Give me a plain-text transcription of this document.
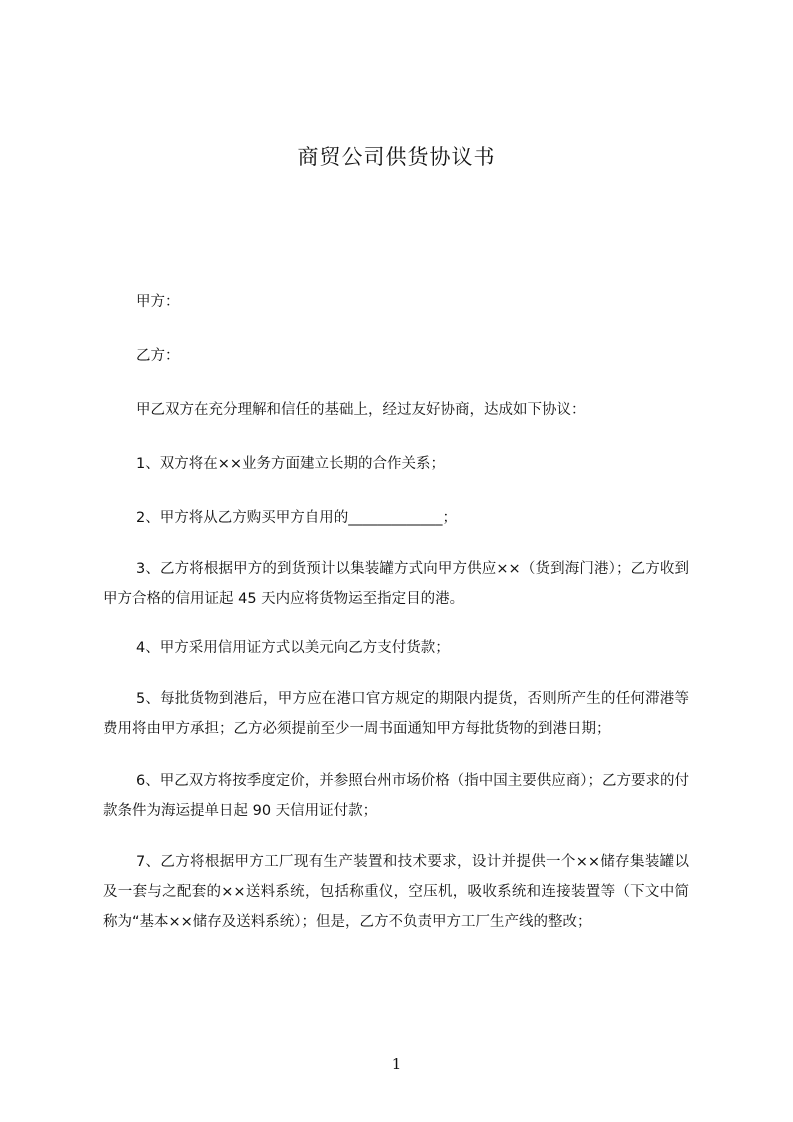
商贸公司供货协议书

甲方：

乙方：

甲乙双方在充分理解和信任的基础上，经过友好协商，达成如下协议：

1、双方将在××业务方面建立长期的合作关系；

2、甲方将从乙方购买甲方自用的_____________；

3、乙方将根据甲方的到货预计以集装罐方式向甲方供应××（货到海门港）；乙方收到甲方合格的信用证起 45 天内应将货物运至指定目的港。

4、甲方采用信用证方式以美元向乙方支付货款；

5、每批货物到港后，甲方应在港口官方规定的期限内提货，否则所产生的任何滞港等费用将由甲方承担；乙方必须提前至少一周书面通知甲方每批货物的到港日期；

6、甲乙双方将按季度定价，并参照台州市场价格（指中国主要供应商）；乙方要求的付款条件为海运提单日起 90 天信用证付款；

7、乙方将根据甲方工厂现有生产装置和技术要求，设计并提供一个××储存集装罐以及一套与之配套的××送料系统，包括称重仪，空压机，吸收系统和连接装置等（下文中简称为“基本××储存及送料系统）；但是，乙方不负责甲方工厂生产线的整改；

1
